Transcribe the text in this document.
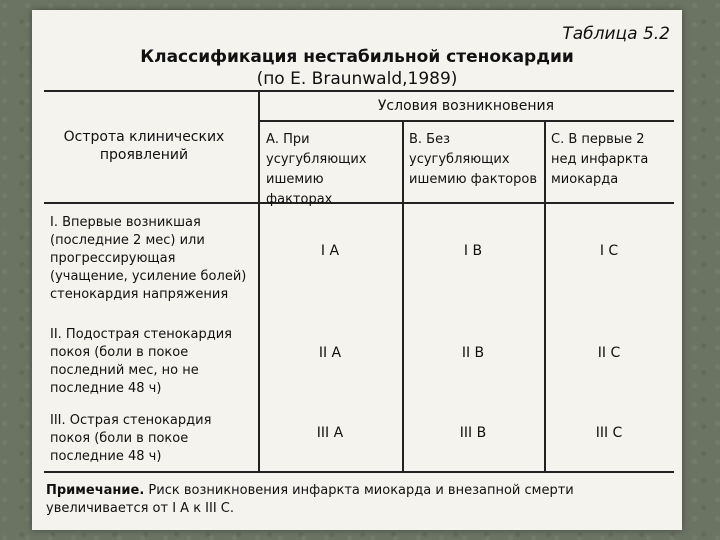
Таблица 5.2
Классификация нестабильной стенокардии
(по E. Braunwald,1989)
Острота клинических проявлений
Условия возникновения
А. При усугубляющих ишемию факторах
В. Без усугубляющих ишемию факторов
С. В первые 2 нед инфаркта миокарда
I. Впервые возникшая (последние 2 мес) или прогрессирующая (учащение, усиление болей) стенокардия напряжения
I A	I B	I C
II. Подострая стенокардия покоя (боли в покое последний мес, но не последние 48 ч)
II A	II B	II C
III. Острая стенокардия покоя (боли в покое последние 48 ч)
III A	III B	III C
Примечание. Риск возникновения инфаркта миокарда и внезапной смерти увеличивается от I A к III C.
